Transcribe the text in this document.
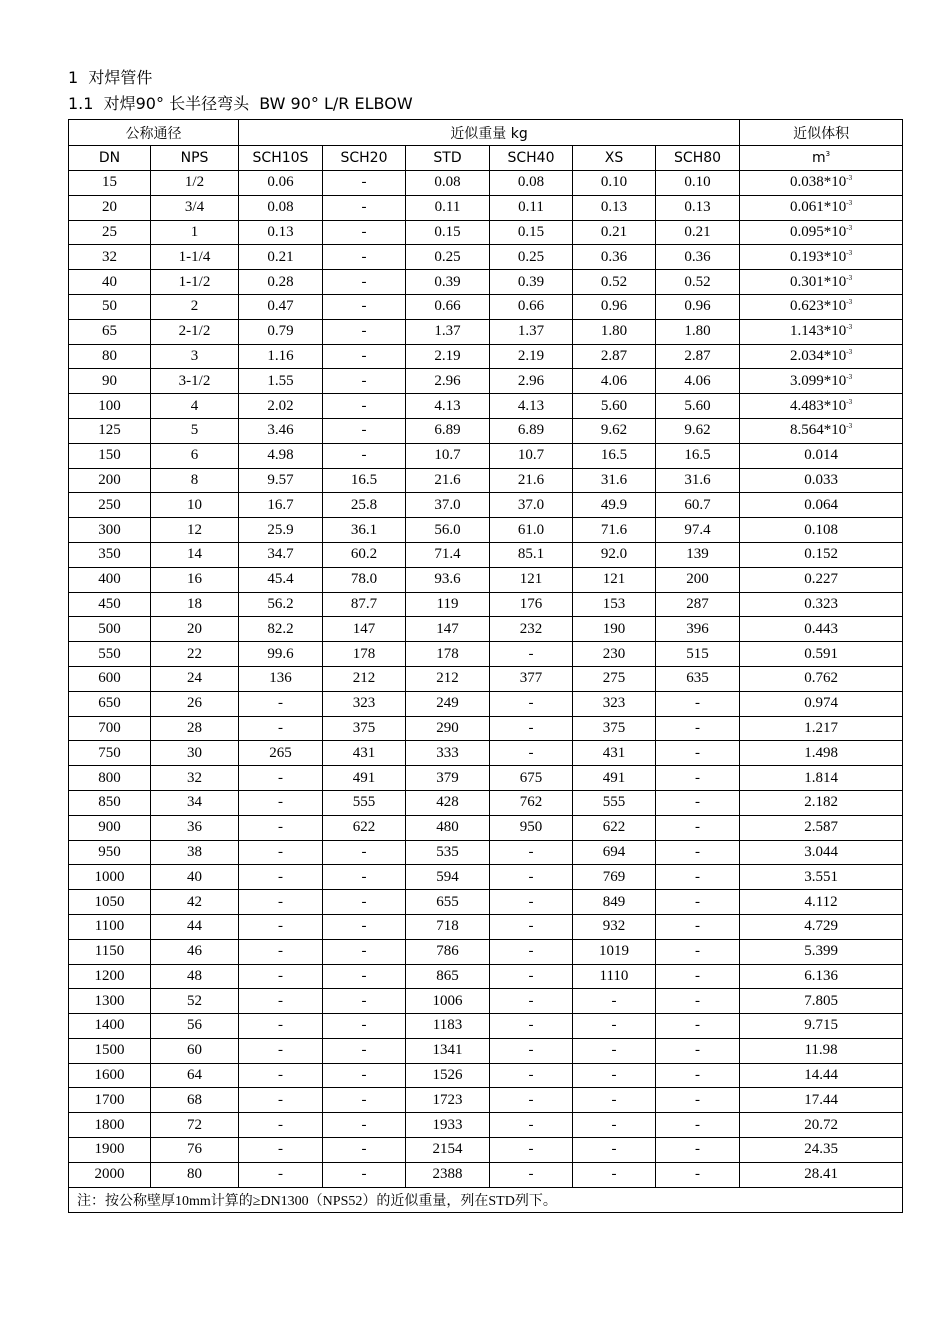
1  对焊管件
1.1  对焊90° 长半径弯头  BW 90° L/R ELBOW
公称通径		近似重量 kg						近似体积
DN	NPS	SCH10S	SCH20	STD	SCH40	XS	SCH80	$m^3$
15	1/2	0.06	-	0.08	0.08	0.10	0.10	$0.038*10^{-3}$
20	3/4	0.08	-	0.11	0.11	0.13	0.13	$0.061*10^{-3}$
25	1	0.13	-	0.15	0.15	0.21	0.21	$0.095*10^{-3}$
32	1-1/4	0.21	-	0.25	0.25	0.36	0.36	$0.193*10^{-3}$
40	1-1/2	0.28	-	0.39	0.39	0.52	0.52	$0.301*10^{-3}$
50	2	0.47	-	0.66	0.66	0.96	0.96	$0.623*10^{-3}$
65	2-1/2	0.79	-	1.37	1.37	1.80	1.80	$1.143*10^{-3}$
80	3	1.16	-	2.19	2.19	2.87	2.87	$2.034*10^{-3}$
90	3-1/2	1.55	-	2.96	2.96	4.06	4.06	$3.099*10^{-3}$
100	4	2.02	-	4.13	4.13	5.60	5.60	$4.483*10^{-3}$
125	5	3.46	-	6.89	6.89	9.62	9.62	$8.564*10^{-3}$
150	6	4.98	-	10.7	10.7	16.5	16.5	0.014
200	8	9.57	16.5	21.6	21.6	31.6	31.6	0.033
250	10	16.7	25.8	37.0	37.0	49.9	60.7	0.064
300	12	25.9	36.1	56.0	61.0	71.6	97.4	0.108
350	14	34.7	60.2	71.4	85.1	92.0	139	0.152
400	16	45.4	78.0	93.6	121	121	200	0.227
450	18	56.2	87.7	119	176	153	287	0.323
500	20	82.2	147	147	232	190	396	0.443
550	22	99.6	178	178	-	230	515	0.591
600	24	136	212	212	377	275	635	0.762
650	26	-	323	249	-	323	-	0.974
700	28	-	375	290	-	375	-	1.217
750	30	265	431	333	-	431	-	1.498
800	32	-	491	379	675	491	-	1.814
850	34	-	555	428	762	555	-	2.182
900	36	-	622	480	950	622	-	2.587
950	38	-	-	535	-	694	-	3.044
1000	40	-	-	594	-	769	-	3.551
1050	42	-	-	655	-	849	-	4.112
1100	44	-	-	718	-	932	-	4.729
1150	46	-	-	786	-	1019	-	5.399
1200	48	-	-	865	-	1110	-	6.136
1300	52	-	-	1006	-	-	-	7.805
1400	56	-	-	1183	-	-	-	9.715
1500	60	-	-	1341	-	-	-	11.98
1600	64	-	-	1526	-	-	-	14.44
1700	68	-	-	1723	-	-	-	17.44
1800	72	-	-	1933	-	-	-	20.72
1900	76	-	-	2154	-	-	-	24.35
2000	80	-	-	2388	-	-	-	28.41
注：按公称壁厚10mm计算的≥DN1300（NPS52）的近似重量，列在STD列下。								
